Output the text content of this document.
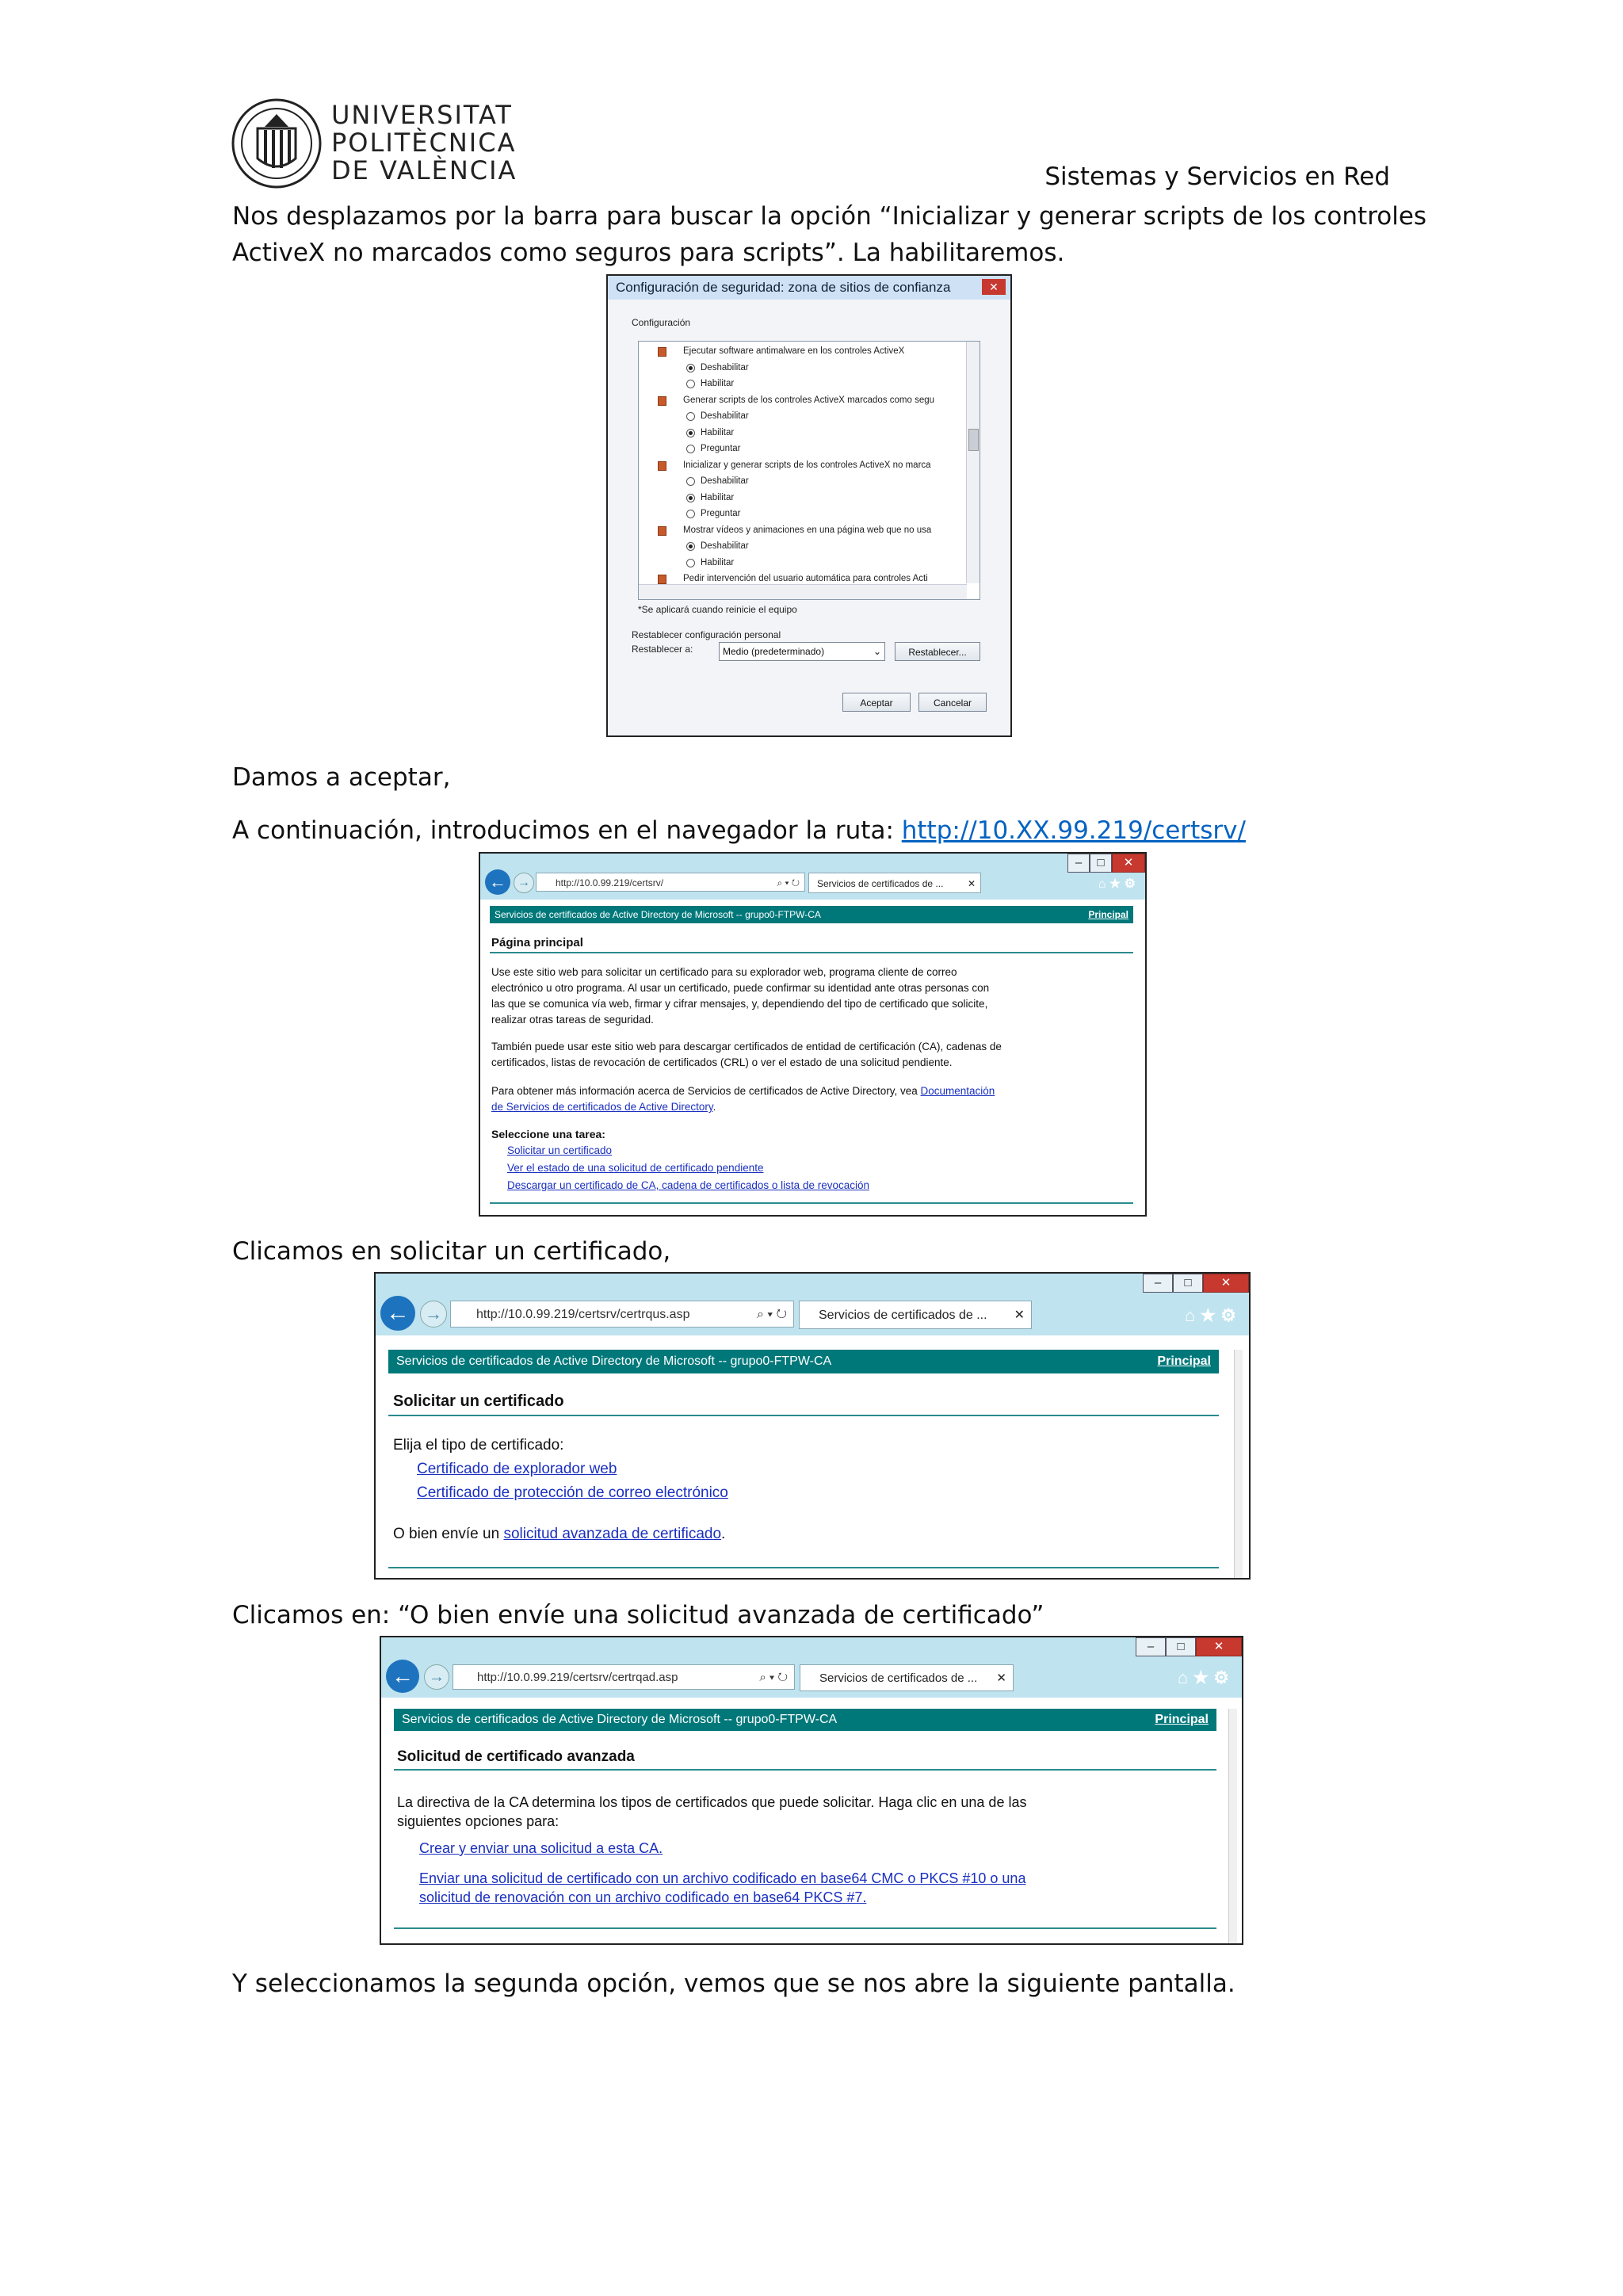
UNIVERSITAT
POLITÈCNICA
DE VALÈNCIA	Sistemas y Servicios en Red

Nos desplazamos por la barra para buscar la opción “Inicializar y generar scripts de los controles
ActiveX no marcados como seguros para scripts”. La habilitaremos.

Configuración de seguridad: zona de sitios de confianza	✕
Configuración
Ejecutar software antimalware en los controles ActiveX
Deshabilitar
Habilitar
Generar scripts de los controles ActiveX marcados como segu
Deshabilitar
Habilitar
Preguntar
Inicializar y generar scripts de los controles ActiveX no marca
Deshabilitar
Habilitar
Preguntar
Mostrar vídeos y animaciones en una página web que no usa
Deshabilitar
Habilitar
Pedir intervención del usuario automática para controles Acti
*Se aplicará cuando reinicie el equipo
Restablecer configuración personal
Restablecer a:	Medio (predeterminado)	⌄	Restablecer...
Aceptar	Cancelar

Damos a aceptar,

A continuación, introducimos en el navegador la ruta: http://10.XX.99.219/certsrv/

– □ ✕
← →	http://10.0.99.219/certsrv/	⌕ ▾ ↻	Servicios de certificados de ...	✕	⌂ ★ ⚙
Servicios de certificados de Active Directory de Microsoft -- grupo0-FTPW-CA	Principal
Página principal
Use este sitio web para solicitar un certificado para su explorador web, programa cliente de correo
electrónico u otro programa. Al usar un certificado, puede confirmar su identidad ante otras personas con
las que se comunica vía web, firmar y cifrar mensajes, y, dependiendo del tipo de certificado que solicite,
realizar otras tareas de seguridad.
También puede usar este sitio web para descargar certificados de entidad de certificación (CA), cadenas de
certificados, listas de revocación de certificados (CRL) o ver el estado de una solicitud pendiente.
Para obtener más información acerca de Servicios de certificados de Active Directory, vea Documentación
de Servicios de certificados de Active Directory.
Seleccione una tarea:
Solicitar un certificado
Ver el estado de una solicitud de certificado pendiente
Descargar un certificado de CA, cadena de certificados o lista de revocación

Clicamos en solicitar un certificado,

– □ ✕
← →	http://10.0.99.219/certsrv/certrqus.asp	⌕ ▾ ↻	Servicios de certificados de ... ✕	⌂ ★ ⚙
Servicios de certificados de Active Directory de Microsoft -- grupo0-FTPW-CA	Principal
Solicitar un certificado
Elija el tipo de certificado:
Certificado de explorador web
Certificado de protección de correo electrónico
O bien envíe un solicitud avanzada de certificado.

Clicamos en: “O bien envíe una solicitud avanzada de certificado”

– □ ✕
← →	http://10.0.99.219/certsrv/certrqad.asp	⌕ ▾ ↻	Servicios de certificados de ... ✕	⌂ ★ ⚙
Servicios de certificados de Active Directory de Microsoft -- grupo0-FTPW-CA	Principal
Solicitud de certificado avanzada
La directiva de la CA determina los tipos de certificados que puede solicitar. Haga clic en una de las
siguientes opciones para:
Crear y enviar una solicitud a esta CA.
Enviar una solicitud de certificado con un archivo codificado en base64 CMC o PKCS #10 o una
solicitud de renovación con un archivo codificado en base64 PKCS #7.

Y seleccionamos la segunda opción, vemos que se nos abre la siguiente pantalla.
